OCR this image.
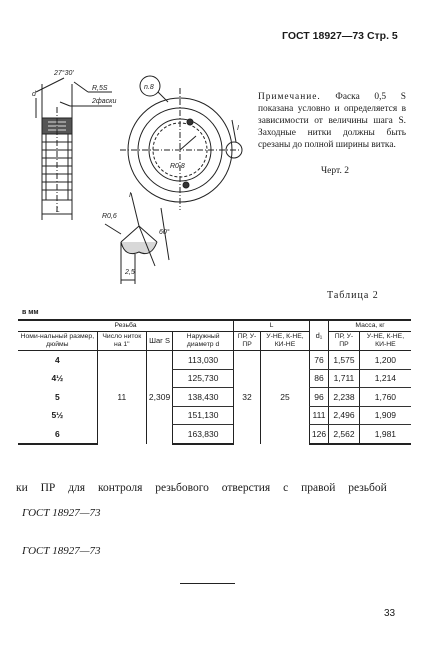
ГОСТ 18927—73 Стр. 5
27°30'
R,5S
2фаски
d
L
n.8
R0,8
I
R0,6
60°
2,5
I
Примечание. Фаска 0,5 S показана условно и определяется в зависимости от величины шага S. Заходные нитки должны быть срезаны до полной ширины витка.
Черт. 2
Таблица 2
в мм
Резьба				L		d₁	Масса, кг	
Номи-нальный размер, дюймы	Число ниток на 1"	Шаг S	Наружный диаметр d	ПР, У-ПР	У-НЕ, К-НЕ, КИ-НЕ		ПР, У-ПР	У-НЕ, К-НЕ, КИ-НЕ
4	11	2,309	113,030	32	25	76	1,575	1,200
4½			125,730			86	1,711	1,214
5			138,430			96	2,238	1,760
5½			151,130			111	2,496	1,909
6			163,830			126	2,562	1,981
ки ПР для контроля резьбового отверстия с правой резьбой
ГОСТ 18927—73
ГОСТ 18927—73
33
